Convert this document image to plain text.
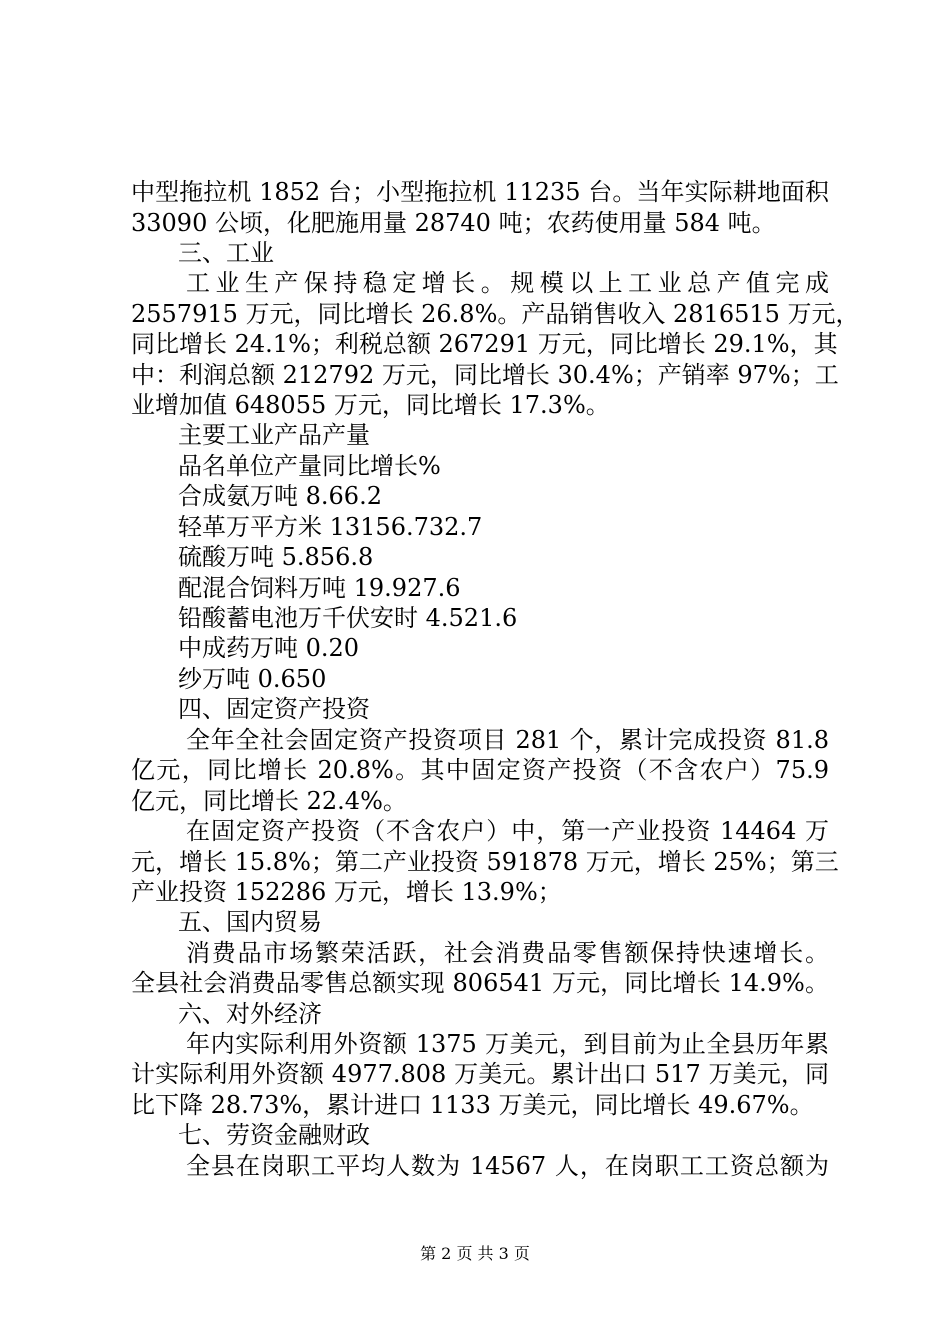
中型拖拉机 1852 台；小型拖拉机 11235 台。当年实际耕地面积
33090 公顷，化肥施用量 28740 吨；农药使用量 584 吨。
三、工业
工业生产保持稳定增长。规模以上工业总产值完成
2557915 万元，同比增长 26.8%。产品销售收入 2816515 万元，
同比增长 24.1%；利税总额 267291 万元，同比增长 29.1%，其
中：利润总额 212792 万元，同比增长 30.4%；产销率 97%；工
业增加值 648055 万元，同比增长 17.3%。
主要工业产品产量
品名单位产量同比增长%
合成氨万吨 8.66.2
轻革万平方米 13156.732.7
硫酸万吨 5.856.8
配混合饲料万吨 19.927.6
铅酸蓄电池万千伏安时 4.521.6
中成药万吨 0.20
纱万吨 0.650
四、固定资产投资
全年全社会固定资产投资项目 281 个，累计完成投资 81.8
亿元，同比增长 20.8%。其中固定资产投资（不含农户）75.9
亿元，同比增长 22.4%。
在固定资产投资（不含农户）中，第一产业投资 14464 万
元，增长 15.8%；第二产业投资 591878 万元，增长 25%；第三
产业投资 152286 万元，增长 13.9%；
五、国内贸易
消费品市场繁荣活跃，社会消费品零售额保持快速增长。
全县社会消费品零售总额实现 806541 万元，同比增长 14.9%。
六、对外经济
年内实际利用外资额 1375 万美元，到目前为止全县历年累
计实际利用外资额 4977.808 万美元。累计出口 517 万美元，同
比下降 28.73%，累计进口 1133 万美元，同比增长 49.67%。
七、劳资金融财政
全县在岗职工平均人数为 14567 人，在岗职工工资总额为
第 2 页 共 3 页
